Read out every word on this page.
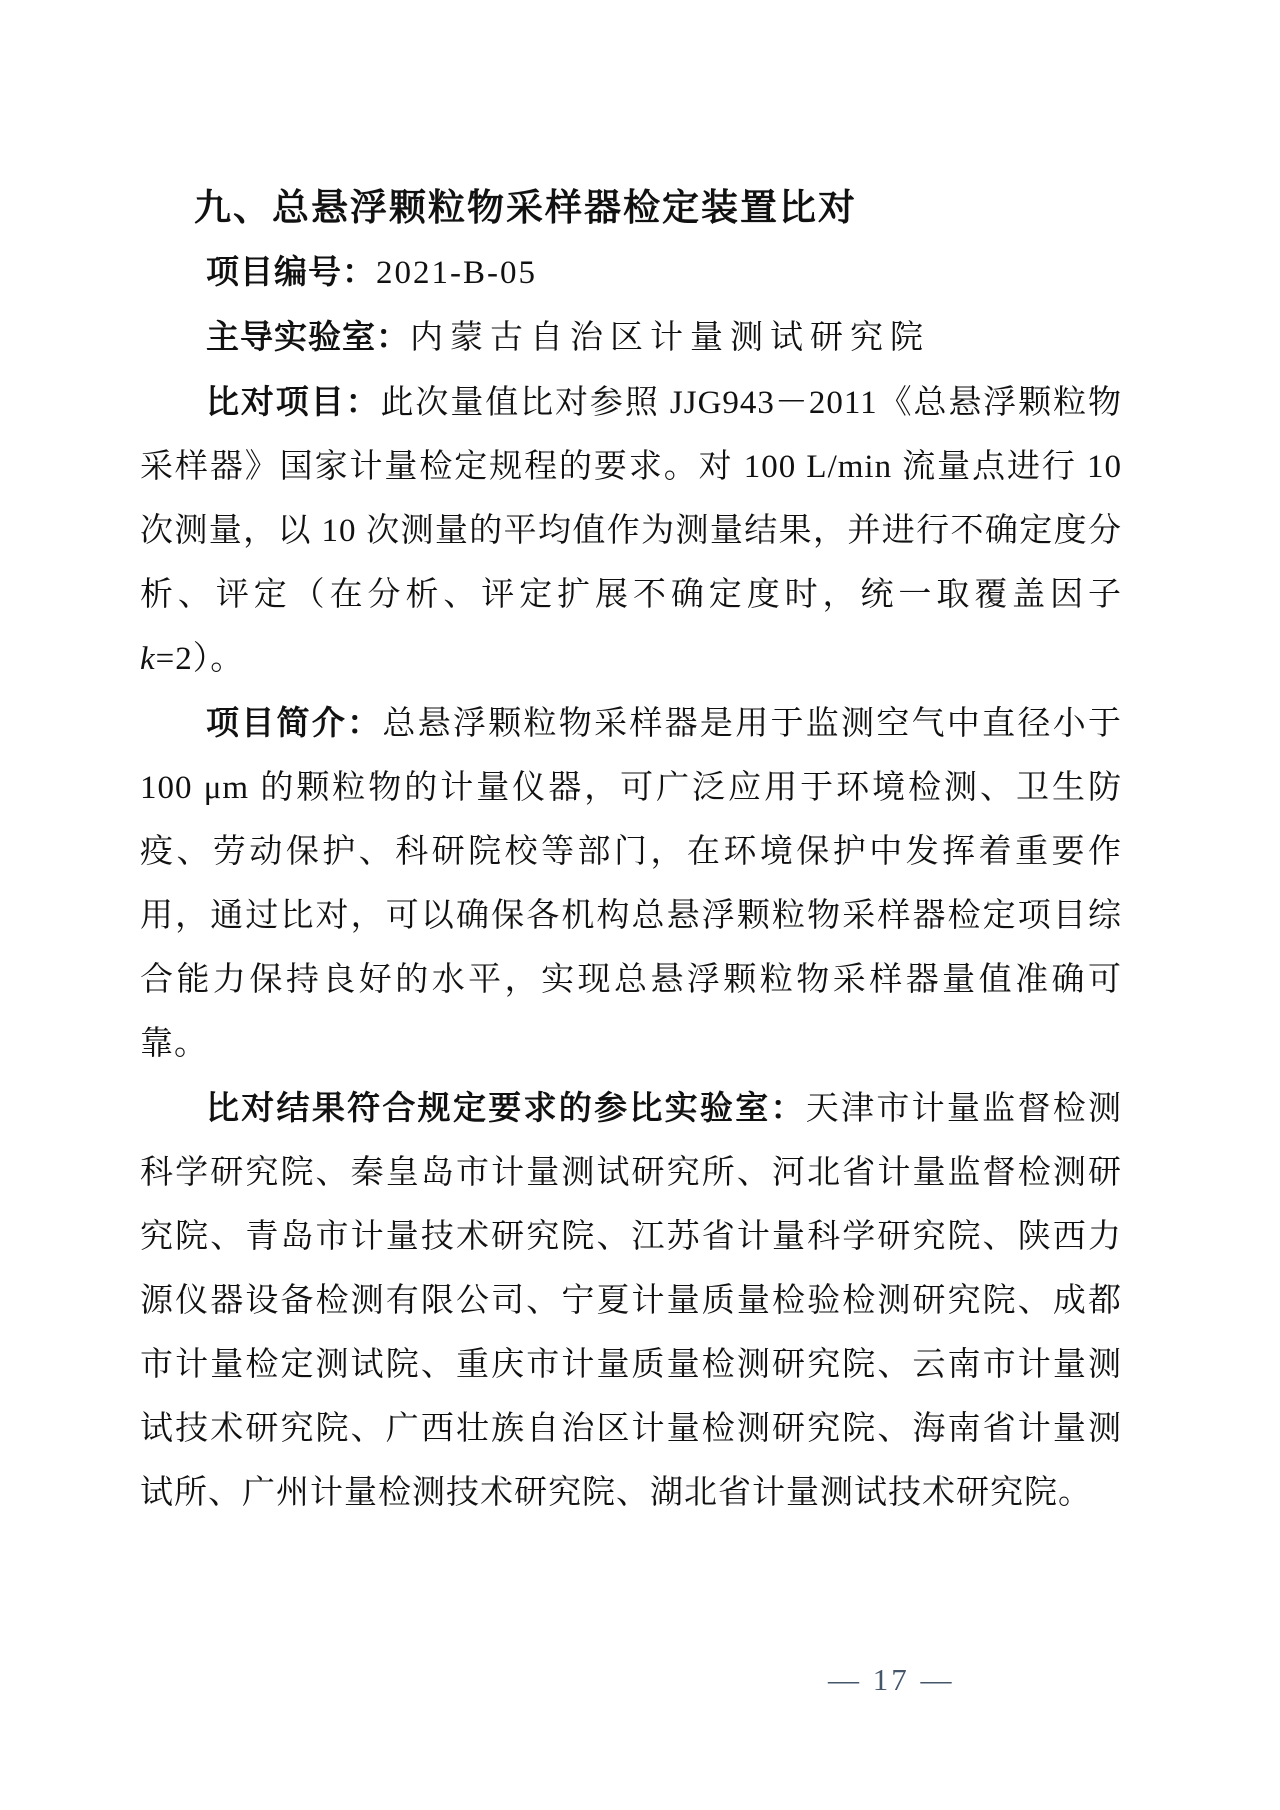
九、总悬浮颗粒物采样器检定装置比对
项目编号：2021-B-05
主导实验室：内蒙古自治区计量测试研究院

比对项目：此次量值比对参照 JJG943－2011《总悬浮颗粒物采样器》国家计量检定规程的要求。对 100 L/min 流量点进行 10 次测量，以 10 次测量的平均值作为测量结果，并进行不确定度分析、评定（在分析、评定扩展不确定度时，统一取覆盖因子 k=2）。

项目简介：总悬浮颗粒物采样器是用于监测空气中直径小于 100 μm 的颗粒物的计量仪器，可广泛应用于环境检测、卫生防疫、劳动保护、科研院校等部门，在环境保护中发挥着重要作用，通过比对，可以确保各机构总悬浮颗粒物采样器检定项目综合能力保持良好的水平，实现总悬浮颗粒物采样器量值准确可靠。

比对结果符合规定要求的参比实验室：天津市计量监督检测科学研究院、秦皇岛市计量测试研究所、河北省计量监督检测研究院、青岛市计量技术研究院、江苏省计量科学研究院、陕西力源仪器设备检测有限公司、宁夏计量质量检验检测研究院、成都市计量检定测试院、重庆市计量质量检测研究院、云南市计量测试技术研究院、广西壮族自治区计量检测研究院、海南省计量测试所、广州计量检测技术研究院、湖北省计量测试技术研究院。

— 17 —
